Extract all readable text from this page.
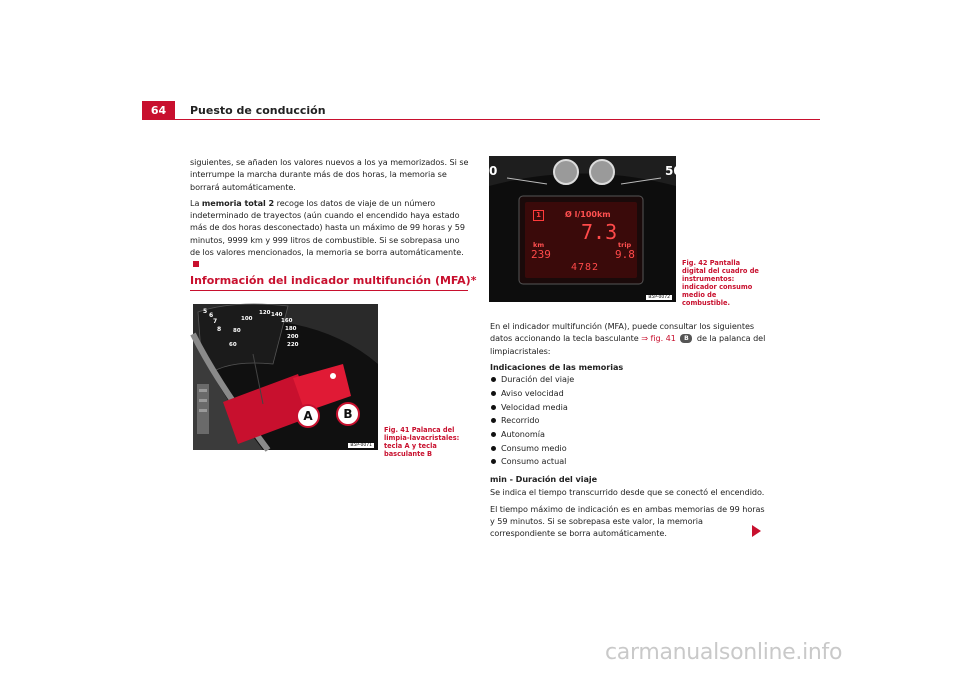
64	Puesto de conducción

siguientes, se añaden los valores nuevos a los ya memorizados. Si se interrumpe la marcha durante más de dos horas, la memoria se borrará automáticamente.

La memoria total 2 recoge los datos de viaje de un número indeterminado de trayectos (aún cuando el encendido haya estado más de dos horas desconectado) hasta un máximo de 99 horas y 59 minutos, 9999 km y 999 litros de combustible. Si se sobrepasa uno de los valores mencionados, la memoria se borra automáticamente.

Información del indicador multifunción (MFA)*
5
6
7
8
60
80
100
120 140
160
180
200
220
A	B
B5P-0071
Fig. 41 Palanca del limpia-lavacristales: tecla A y tecla basculante B
0	50
1	Ø l/100km
7.3
km
239
trip
9.8
4782
B5P-0072
Fig. 42 Pantalla digital del cuadro de instrumentos: indicador consumo medio de combustible.

En el indicador multifunción (MFA), puede consultar los siguientes datos accionando la tecla basculante ⇒ fig. 41 B de la palanca del limpiacristales:

Indicaciones de las memorias

Duración del viaje
Aviso velocidad
Velocidad media
Recorrido
Autonomía
Consumo medio
Consumo actual

min - Duración del viaje

Se indica el tiempo transcurrido desde que se conectó el encendido.

El tiempo máximo de indicación es en ambas memorias de 99 horas y 59 minutos. Si se sobrepasa este valor, la memoria correspondiente se borra automáticamente.

carmanualsonline.info
